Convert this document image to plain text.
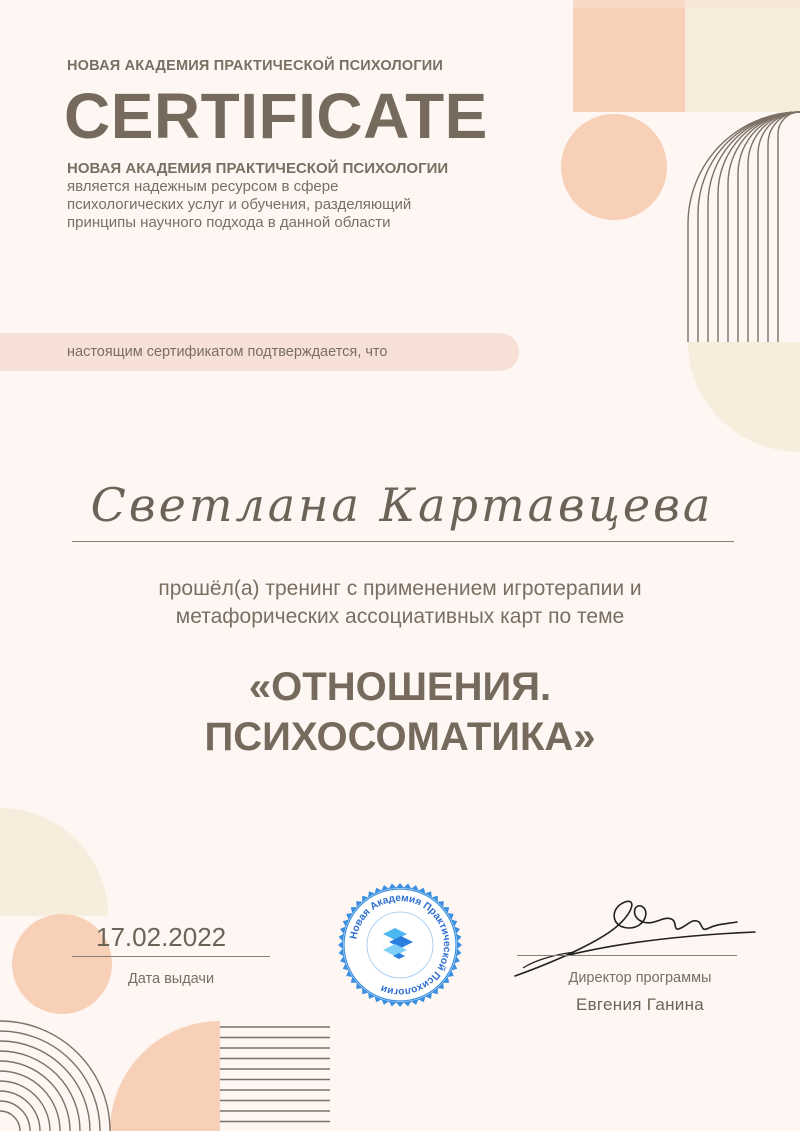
НОВАЯ АКАДЕМИЯ ПРАКТИЧЕСКОЙ ПСИХОЛОГИИ
CERTIFICATE
НОВАЯ АКАДЕМИЯ ПРАКТИЧЕСКОЙ ПСИХОЛОГИИ
является надежным ресурсом в сфере
психологических услуг и обучения, разделяющий
принципы научного подхода в данной области
настоящим сертификатом подтверждается, что
Светлана Картавцева
прошёл(а) тренинг с применением игротерапии и
метафорических ассоциативных карт по теме
«ОТНОШЕНИЯ.
ПСИХОСОМАТИКА»
17.02.2022
Дата выдачи
Новая Академия Практической Психологии
Директор программы
Евгения Ганина
